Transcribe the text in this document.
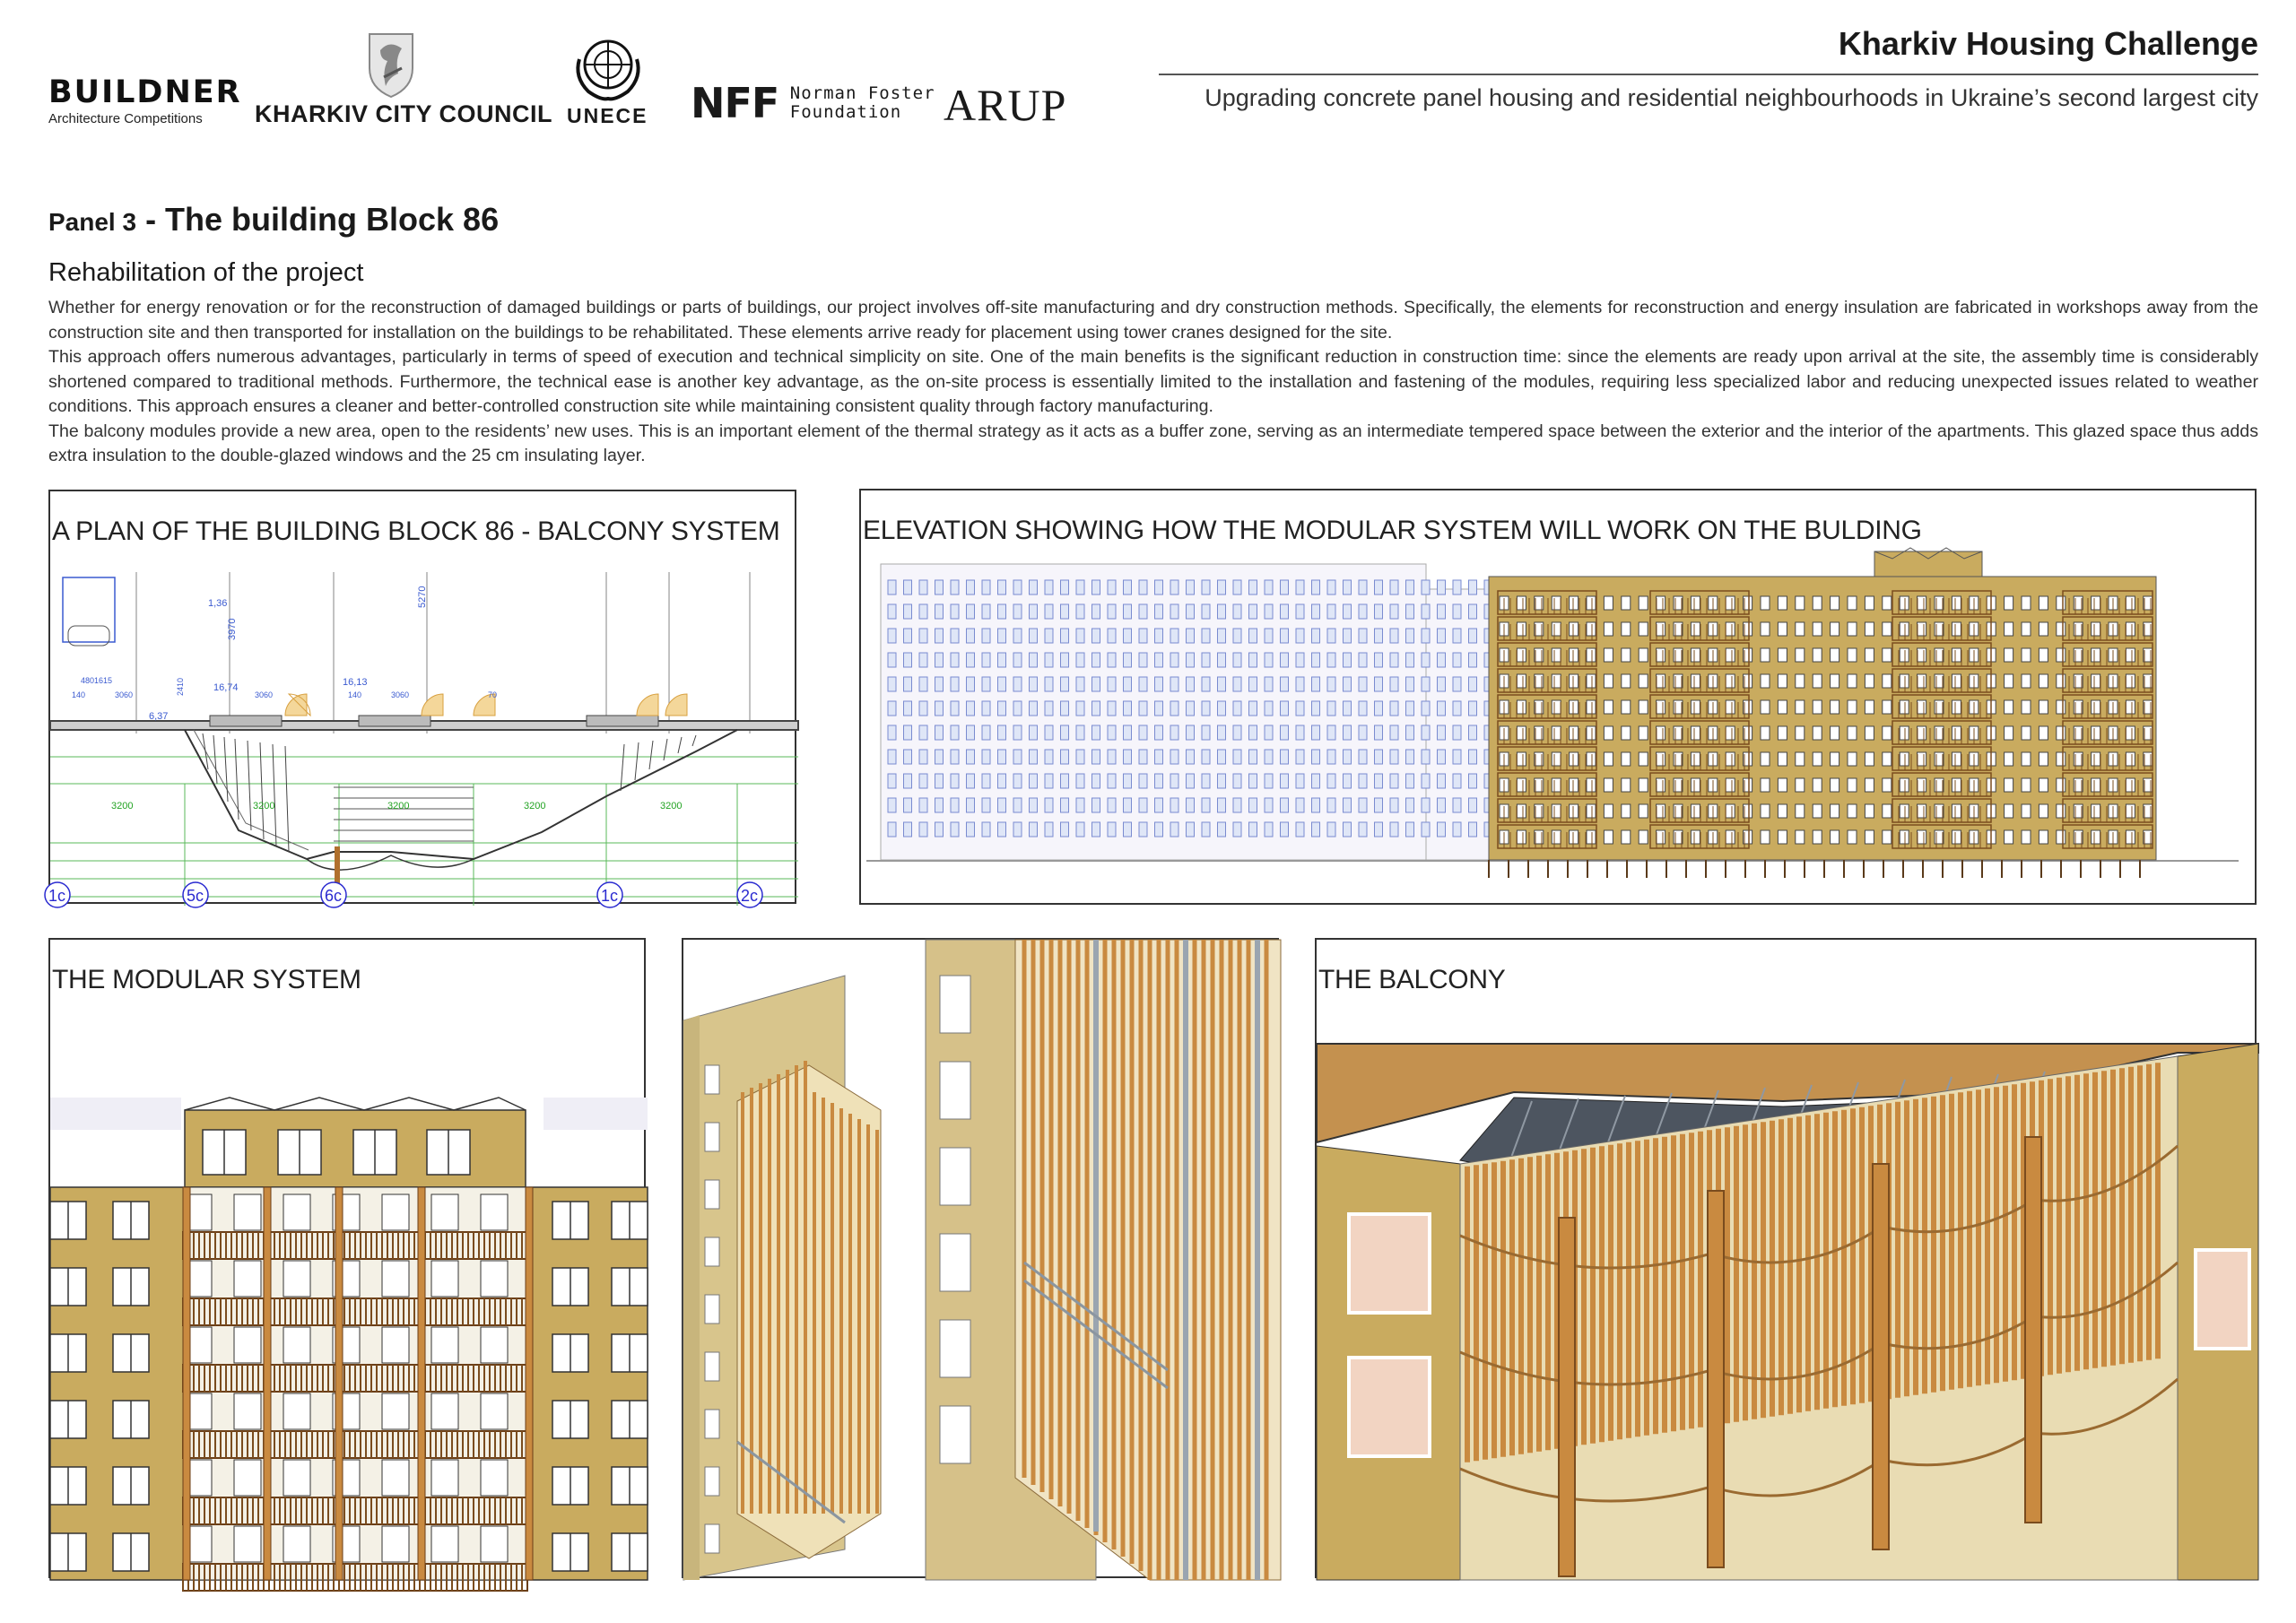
BUILDNER
Architecture Competitions	KHARKIV CITY COUNCIL UNECE NFF Norman Foster
Foundation ARUP
Kharkiv Housing Challenge
Upgrading concrete panel housing and residential neighbourhoods in Ukraine’s second largest city
Panel 3 - The building Block 86
Rehabilitation of the project

Whether for energy renovation or for the reconstruction of damaged buildings or parts of buildings, our project involves off-site manufacturing and dry construction methods. Specifically, the elements for reconstruction and energy insulation are fabricated in workshops away from the construction site and then transported for installation on the buildings to be rehabilitated. These elements arrive ready for placement using tower cranes designed for the site.

This approach offers numerous advantages, particularly in terms of speed of execution and technical simplicity on site. One of the main benefits is the significant reduction in construction time: since the elements are ready upon arrival at the site, the assembly time is considerably shortened compared to traditional methods. Furthermore, the technical ease is another key advantage, as the on-site process is essentially limited to the installation and fastening of the modules, requiring less specialized labor and reducing unexpected issues related to weather conditions. This approach ensures a cleaner and better-controlled construction site while maintaining consistent quality through factory manufacturing.

The balcony modules provide a new area, open to the residents’ new uses. This is an important element of the thermal strategy as it acts as a buffer zone, serving as an intermediate tempered space between the exterior and the interior of the apartments. This glazed space thus adds extra insulation to the double-glazed windows and the 25 cm insulating layer.

A PLAN OF THE BUILDING BLOCK 86 - BALCONY SYSTEM
1,36
3970
5270
16,74	16,13
4801615
140	3060	3060	140	3060	70
2410
6,37
3200	3200	3200	3200	3200
1c	5c	6c	1c	2c
ELEVATION SHOWING HOW THE MODULAR SYSTEM WILL WORK ON THE BULDING
THE MODULAR SYSTEM	THE BALCONY
